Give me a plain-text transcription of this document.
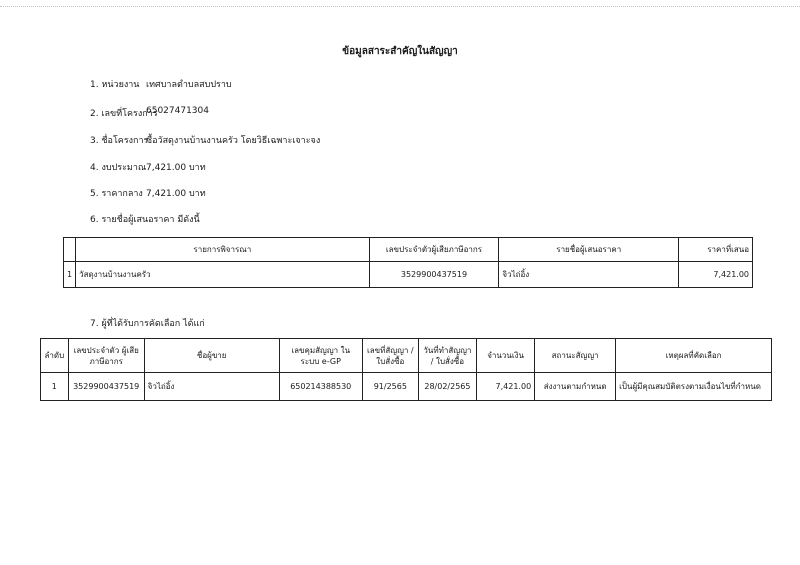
ข้อมูลสาระสำคัญในสัญญา
1. หน่วยงาน เทศบาลตำบลสบปราบ
2. เลขที่โครงการ
65027471304
3. ชื่อโครงการ
ซื้อวัสดุงานบ้านงานครัว โดยวิธีเฉพาะเจาะจง
4. งบประมาณ 7,421.00 บาท
5. ราคากลาง 7,421.00 บาท
6. รายชื่อผู้เสนอราคา มีดังนี้
	รายการพิจารณา	เลขประจำตัวผู้เสียภาษีอากร	รายชื่อผู้เสนอราคา	ราคาที่เสนอ
1	วัสดุงานบ้านงานครัว	3529900437519	จิวไถ่อิ้ง	7,421.00
7. ผู้ที่ได้รับการคัดเลือก ได้แก่
ลำดับ	เลขประจำตัว ผู้เสียภาษีอากร	ชื่อผู้ขาย	เลขคุมสัญญา ในระบบ e-GP	เลขที่สัญญา / ใบสั่งซื้อ	วันที่ทำสัญญา / ใบสั่งซื้อ	จำนวนเงิน	สถานะสัญญา	เหตุผลที่คัดเลือก
1	3529900437519	จิวไถ่อิ้ง	650214388530	91/2565	28/02/2565	7,421.00	ส่งงานตามกำหนด	เป็นผู้มีคุณสมบัติตรงตามเงื่อนไขที่กำหนด
